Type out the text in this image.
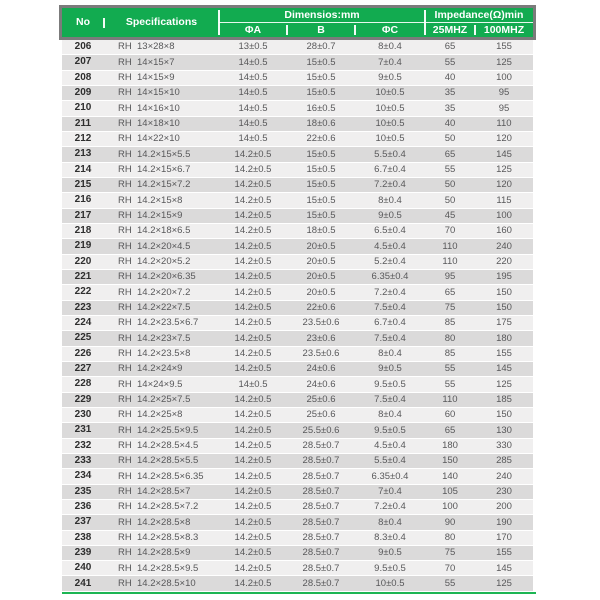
No	Specifications
Dimensios:mm	Impedance(Ω)min
ΦA	B	ΦC	25MHZ	100MHZ
206	RH  13×28×8	13±0.5	28±0.7	8±0.4	65	155
207	RH  14×15×7	14±0.5	15±0.5	7±0.4	55	125
208	RH  14×15×9	14±0.5	15±0.5	9±0.5	40	100
209	RH  14×15×10	14±0.5	15±0.5	10±0.5	35	95
210	RH  14×16×10	14±0.5	16±0.5	10±0.5	35	95
211	RH  14×18×10	14±0.5	18±0.6	10±0.5	40	110
212	RH  14×22×10	14±0.5	22±0.6	10±0.5	50	120
213	RH  14.2×15×5.5	14.2±0.5	15±0.5	5.5±0.4	65	145
214	RH  14.2×15×6.7	14.2±0.5	15±0.5	6.7±0.4	55	125
215	RH  14.2×15×7.2	14.2±0.5	15±0.5	7.2±0.4	50	120
216	RH  14.2×15×8	14.2±0.5	15±0.5	8±0.4	50	115
217	RH  14.2×15×9	14.2±0.5	15±0.5	9±0.5	45	100
218	RH  14.2×18×6.5	14.2±0.5	18±0.5	6.5±0.4	70	160
219	RH  14.2×20×4.5	14.2±0.5	20±0.5	4.5±0.4	110	240
220	RH  14.2×20×5.2	14.2±0.5	20±0.5	5.2±0.4	110	220
221	RH  14.2×20×6.35	14.2±0.5	20±0.5	6.35±0.4	95	195
222	RH  14.2×20×7.2	14.2±0.5	20±0.5	7.2±0.4	65	150
223	RH  14.2×22×7.5	14.2±0.5	22±0.6	7.5±0.4	75	150
224	RH  14.2×23.5×6.7	14.2±0.5	23.5±0.6	6.7±0.4	85	175
225	RH  14.2×23×7.5	14.2±0.5	23±0.6	7.5±0.4	80	180
226	RH  14.2×23.5×8	14.2±0.5	23.5±0.6	8±0.4	85	155
227	RH  14.2×24×9	14.2±0.5	24±0.6	9±0.5	55	145
228	RH  14×24×9.5	14±0.5	24±0.6	9.5±0.5	55	125
229	RH  14.2×25×7.5	14.2±0.5	25±0.6	7.5±0.4	110	185
230	RH  14.2×25×8	14.2±0.5	25±0.6	8±0.4	60	150
231	RH  14.2×25.5×9.5	14.2±0.5	25.5±0.6	9.5±0.5	65	130
232	RH  14.2×28.5×4.5	14.2±0.5	28.5±0.7	4.5±0.4	180	330
233	RH  14.2×28.5×5.5	14.2±0.5	28.5±0.7	5.5±0.4	150	285
234	RH  14.2×28.5×6.35	14.2±0.5	28.5±0.7	6.35±0.4	140	240
235	RH  14.2×28.5×7	14.2±0.5	28.5±0.7	7±0.4	105	230
236	RH  14.2×28.5×7.2	14.2±0.5	28.5±0.7	7.2±0.4	100	200
237	RH  14.2×28.5×8	14.2±0.5	28.5±0.7	8±0.4	90	190
238	RH  14.2×28.5×8.3	14.2±0.5	28.5±0.7	8.3±0.4	80	170
239	RH  14.2×28.5×9	14.2±0.5	28.5±0.7	9±0.5	75	155
240	RH  14.2×28.5×9.5	14.2±0.5	28.5±0.7	9.5±0.5	70	145
241	RH  14.2×28.5×10	14.2±0.5	28.5±0.7	10±0.5	55	125
